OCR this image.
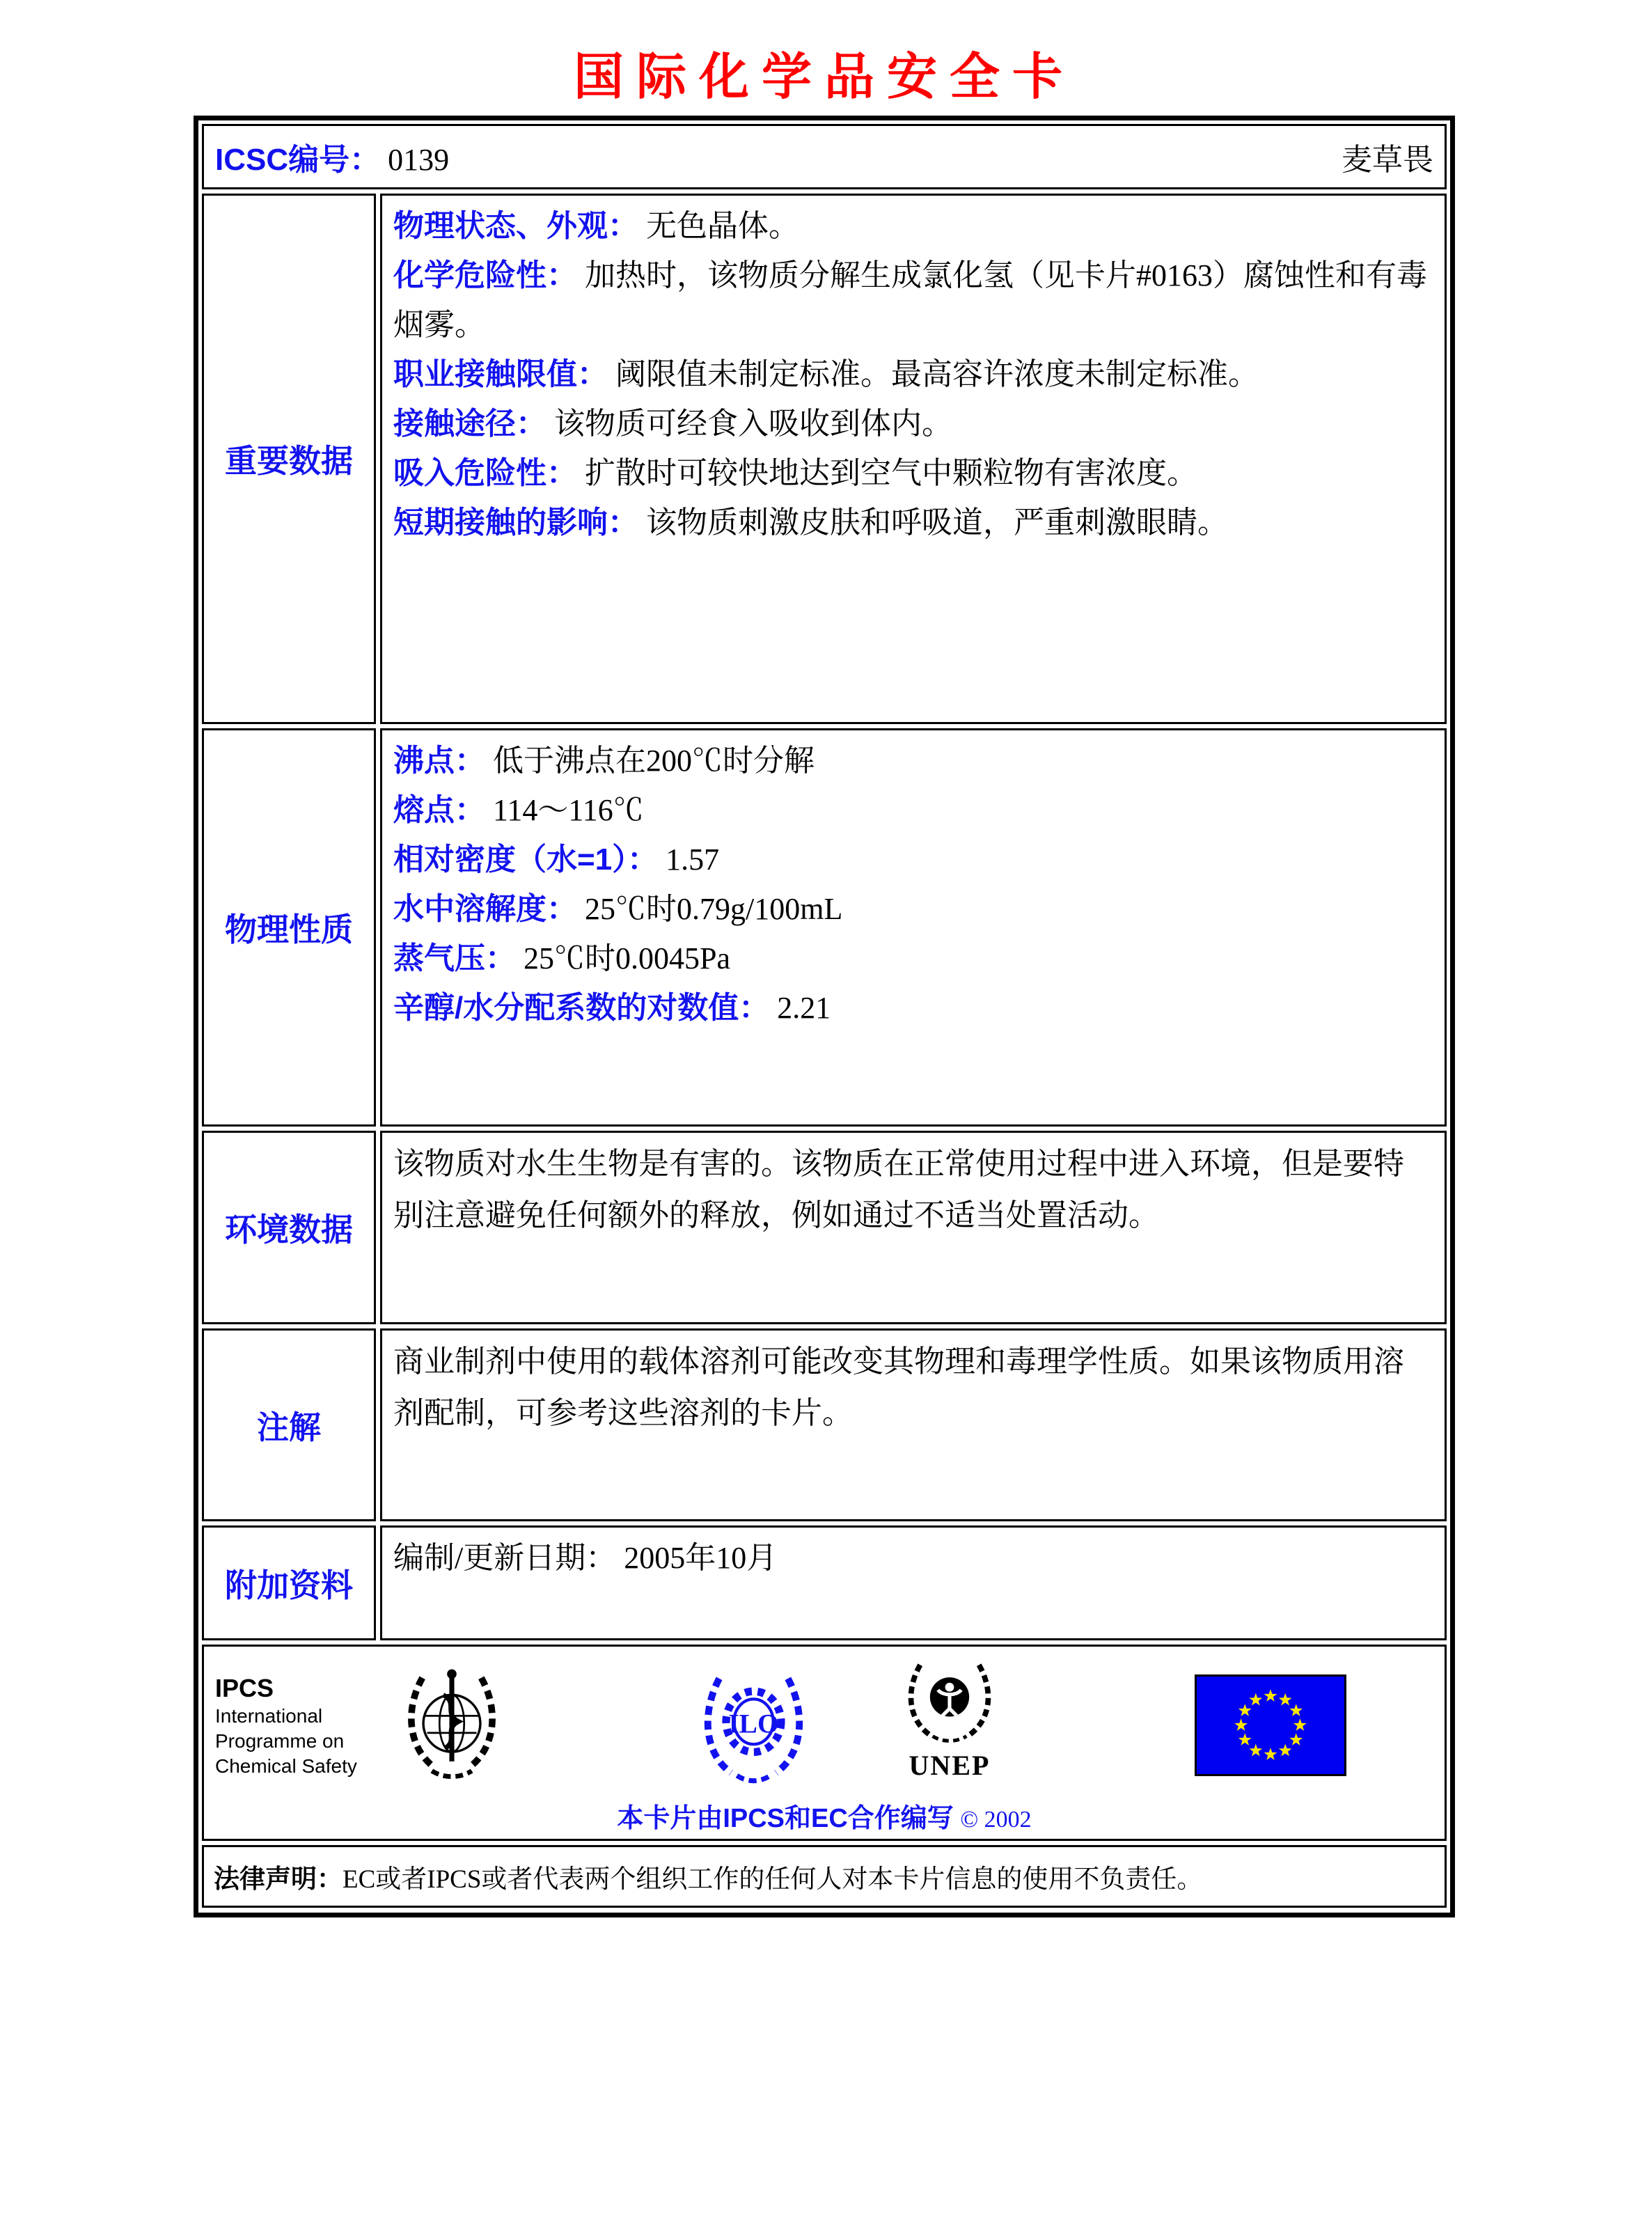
国际化学品安全卡
ICSC编号： 0139	麦草畏
重要数据
物理状态、外观： 无色晶体。
化学危险性： 加热时，该物质分解生成氯化氢（见卡片#0163）腐蚀性和有毒烟雾。
职业接触限值： 阈限值未制定标准。最高容许浓度未制定标准。
接触途径： 该物质可经食入吸收到体内。
吸入危险性： 扩散时可较快地达到空气中颗粒物有害浓度。
短期接触的影响： 该物质刺激皮肤和呼吸道，严重刺激眼睛。
物理性质
沸点： 低于沸点在200℃时分解
熔点： 114～116℃
相对密度（水=1）： 1.57
水中溶解度： 25℃时0.79g/100mL
蒸气压： 25℃时0.0045Pa
辛醇/水分配系数的对数值： 2.21
环境数据
该物质对水生生物是有害的。该物质在正常使用过程中进入环境，但是要特别注意避免任何额外的释放，例如通过不适当处置活动。
注解
商业制剂中使用的载体溶剂可能改变其物理和毒理学性质。如果该物质用溶剂配制，可参考这些溶剂的卡片。
附加资料
编制/更新日期： 2005年10月
IPCS
International
Programme on
Chemical Safety
ILO
UNEP
本卡片由IPCS和EC合作编写 © 2002
法律声明： EC或者IPCS或者代表两个组织工作的任何人对本卡片信息的使用不负责任。
